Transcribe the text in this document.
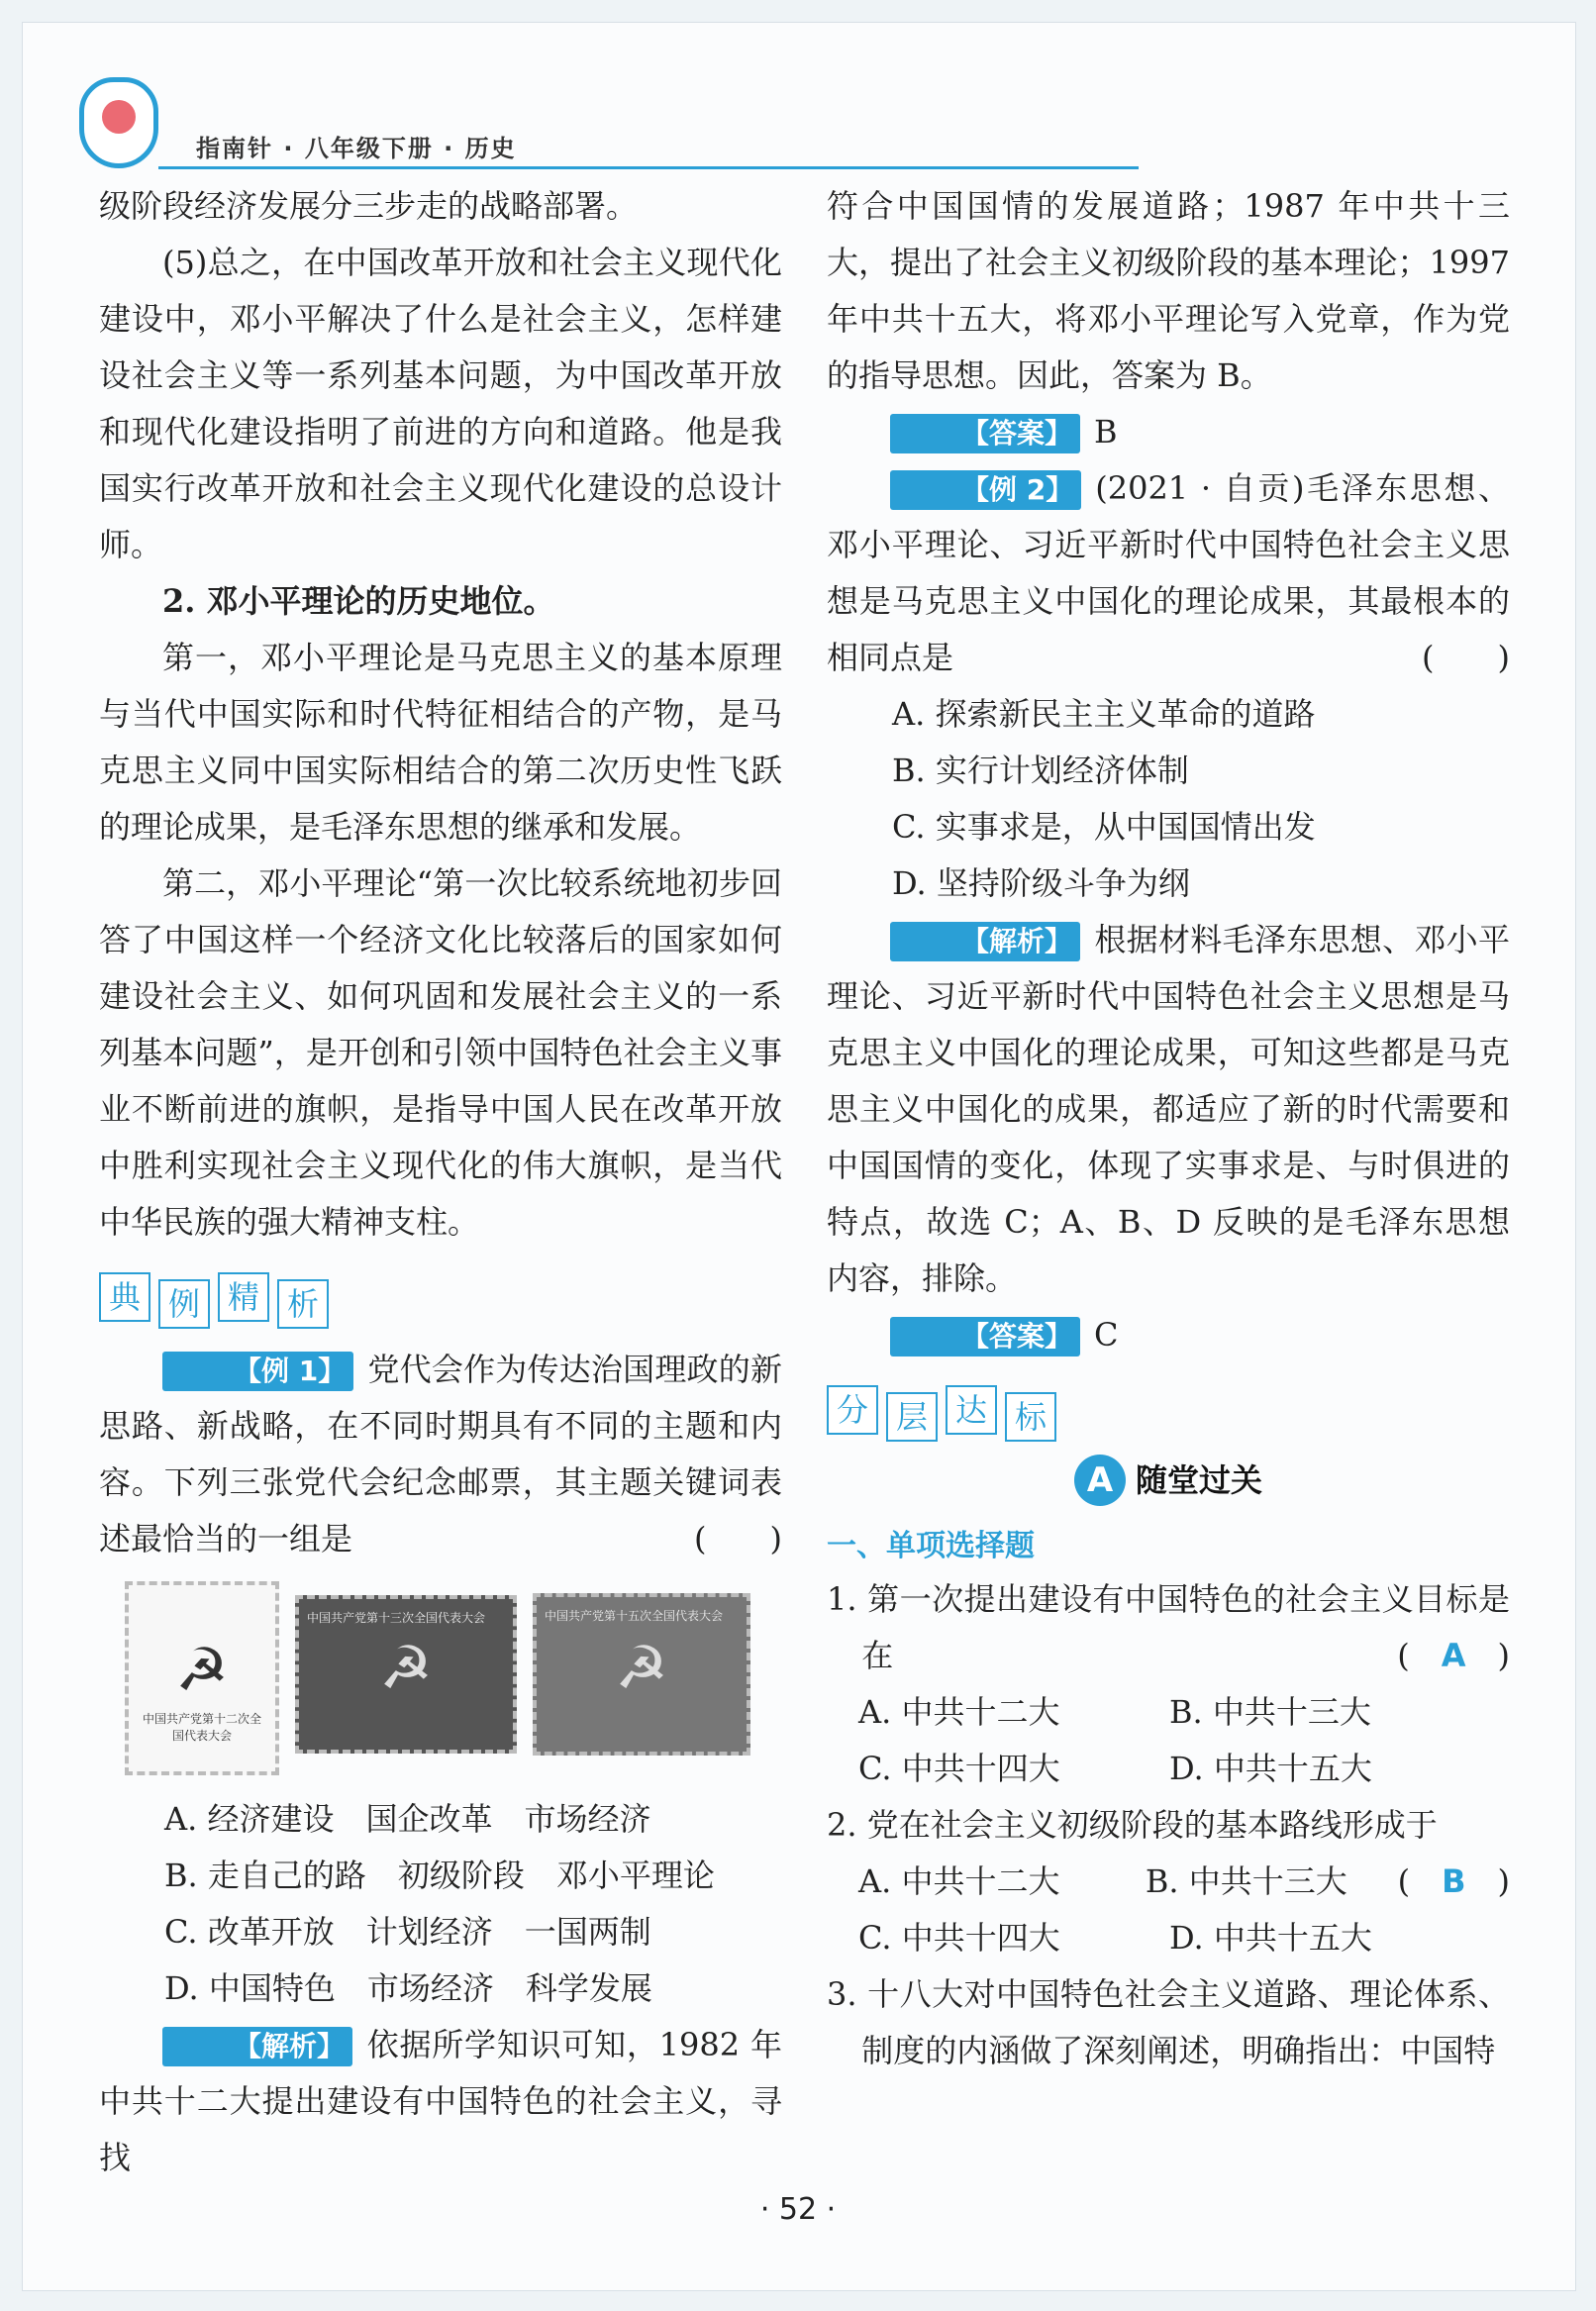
指南针 · 八年级下册 · 历史

级阶段经济发展分三步走的战略部署。

(5)总之，在中国改革开放和社会主义现代化建设中，邓小平解决了什么是社会主义，怎样建设社会主义等一系列基本问题，为中国改革开放和现代化建设指明了前进的方向和道路。他是我国实行改革开放和社会主义现代化建设的总设计师。

2. 邓小平理论的历史地位。

第一，邓小平理论是马克思主义的基本原理与当代中国实际和时代特征相结合的产物，是马克思主义同中国实际相结合的第二次历史性飞跃的理论成果，是毛泽东思想的继承和发展。

第二，邓小平理论“第一次比较系统地初步回答了中国这样一个经济文化比较落后的国家如何建设社会主义、如何巩固和发展社会主义的一系列基本问题”，是开创和引领中国特色社会主义事业不断前进的旗帜，是指导中国人民在改革开放中胜利实现社会主义现代化的伟大旗帜，是当代中华民族的强大精神支柱。

典 例 精 析

【例 1】 党代会作为传达治国理政的新思路、新战略，在不同时期具有不同的主题和内容。下列三张党代会纪念邮票，其主题关键词表述最恰当的一组是	(　　)

☭
中国共产党第十二次全国代表大会
中国共产党第十三次全国代表大会
☭
中国共产党第十五次全国代表大会
☭

A. 经济建设　国企改革　市场经济

B. 走自己的路　初级阶段　邓小平理论

C. 改革开放　计划经济　一国两制

D. 中国特色　市场经济　科学发展

【解析】 依据所学知识可知，1982 年中共十二大提出建设有中国特色的社会主义，寻找

符合中国国情的发展道路；1987 年中共十三大，提出了社会主义初级阶段的基本理论；1997 年中共十五大，将邓小平理论写入党章，作为党的指导思想。因此，答案为 B。

【答案】 B

【例 2】 (2021 · 自贡)毛泽东思想、邓小平理论、习近平新时代中国特色社会主义思想是马克思主义中国化的理论成果，其最根本的相同点是	(　　)

A. 探索新民主主义革命的道路

B. 实行计划经济体制

C. 实事求是，从中国国情出发

D. 坚持阶级斗争为纲

【解析】 根据材料毛泽东思想、邓小平理论、习近平新时代中国特色社会主义思想是马克思主义中国化的理论成果，可知这些都是马克思主义中国化的成果，都适应了新的时代需要和中国国情的变化，体现了实事求是、与时俱进的特点，故选 C；A、B、D 反映的是毛泽东思想内容，排除。

【答案】 C

分 层 达 标
A 随堂过关

一、单项选择题

1. 第一次提出建设有中国特色的社会主义目标是在	(　A　)

A. 中共十二大	B. 中共十三大
C. 中共十四大	D. 中共十五大

2. 党在社会主义初级阶段的基本路线形成于

(　B　)

A. 中共十二大	B. 中共十三大
C. 中共十四大	D. 中共十五大

3. 十八大对中国特色社会主义道路、理论体系、制度的内涵做了深刻阐述，明确指出：中国特

· 52 ·
